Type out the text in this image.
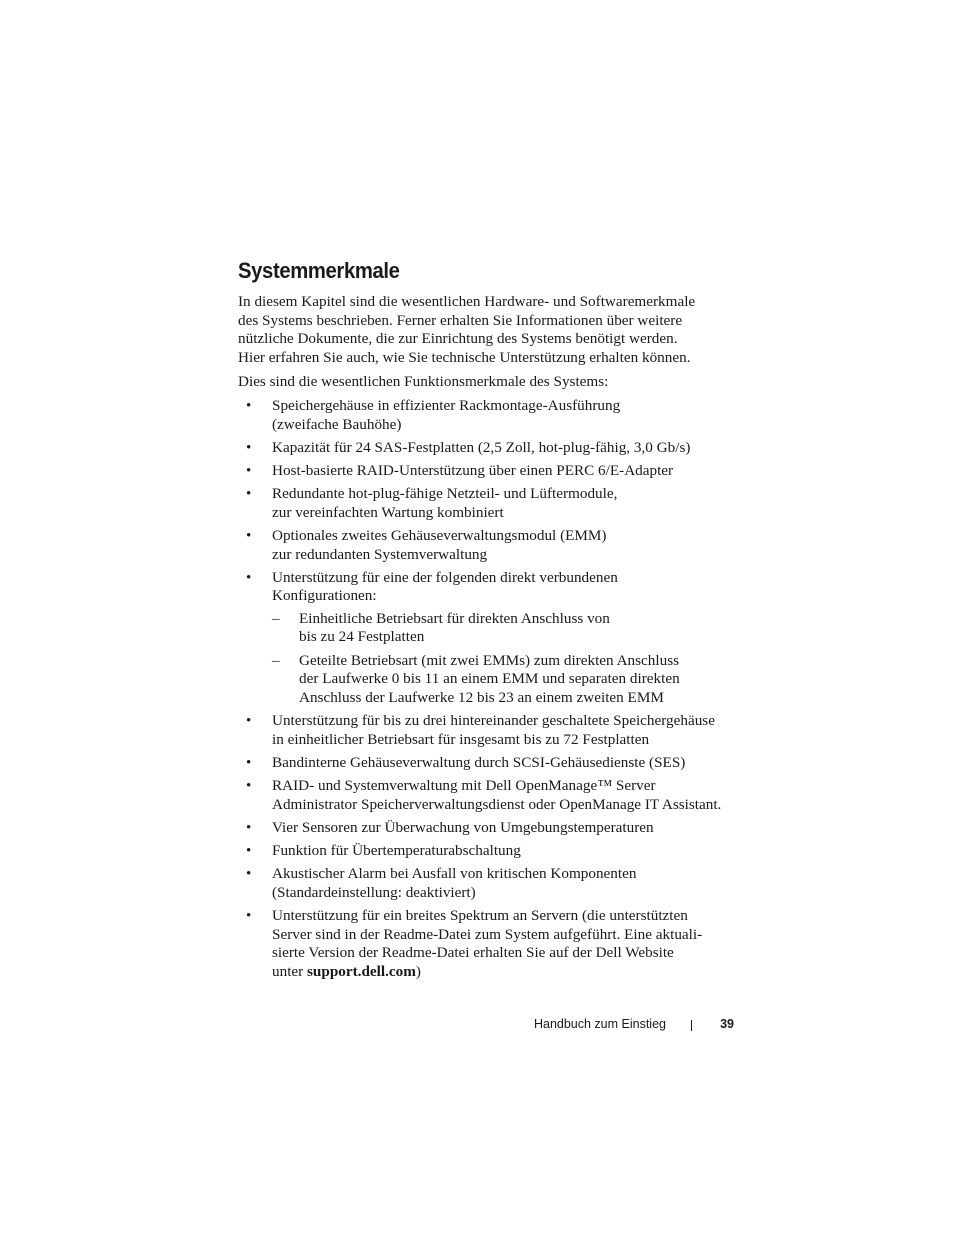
Systemmerkmale

In diesem Kapitel sind die wesentlichen Hardware- und Softwaremerkmale
des Systems beschrieben. Ferner erhalten Sie Informationen über weitere
nützliche Dokumente, die zur Einrichtung des Systems benötigt werden.
Hier erfahren Sie auch, wie Sie technische Unterstützung erhalten können.

Dies sind die wesentlichen Funktionsmerkmale des Systems:

• Speichergehäuse in effizienter Rackmontage-Ausführung
(zweifache Bauhöhe)
• Kapazität für 24 SAS-Festplatten (2,5 Zoll, hot-plug-fähig, 3,0 Gb/s)
• Host-basierte RAID-Unterstützung über einen PERC 6/E-Adapter
• Redundante hot-plug-fähige Netzteil- und Lüftermodule,
zur vereinfachten Wartung kombiniert
• Optionales zweites Gehäuseverwaltungsmodul (EMM)
zur redundanten Systemverwaltung
• Unterstützung für eine der folgenden direkt verbundenen
Konfigurationen:
– Einheitliche Betriebsart für direkten Anschluss von
bis zu 24 Festplatten
– Geteilte Betriebsart (mit zwei EMMs) zum direkten Anschluss
der Laufwerke 0 bis 11 an einem EMM und separaten direkten
Anschluss der Laufwerke 12 bis 23 an einem zweiten EMM
• Unterstützung für bis zu drei hintereinander geschaltete Speichergehäuse
in einheitlicher Betriebsart für insgesamt bis zu 72 Festplatten
• Bandinterne Gehäuseverwaltung durch SCSI-Gehäusedienste (SES)
• RAID- und Systemverwaltung mit Dell OpenManage™ Server
Administrator Speicherverwaltungsdienst oder OpenManage IT Assistant.
• Vier Sensoren zur Überwachung von Umgebungstemperaturen
• Funktion für Übertemperaturabschaltung
• Akustischer Alarm bei Ausfall von kritischen Komponenten
(Standardeinstellung: deaktiviert)
• Unterstützung für ein breites Spektrum an Servern (die unterstützten
Server sind in der Readme-Datei zum System aufgeführt. Eine aktuali-
sierte Version der Readme-Datei erhalten Sie auf der Dell Website
unter support.dell.com)
Handbuch zum Einstieg	39
